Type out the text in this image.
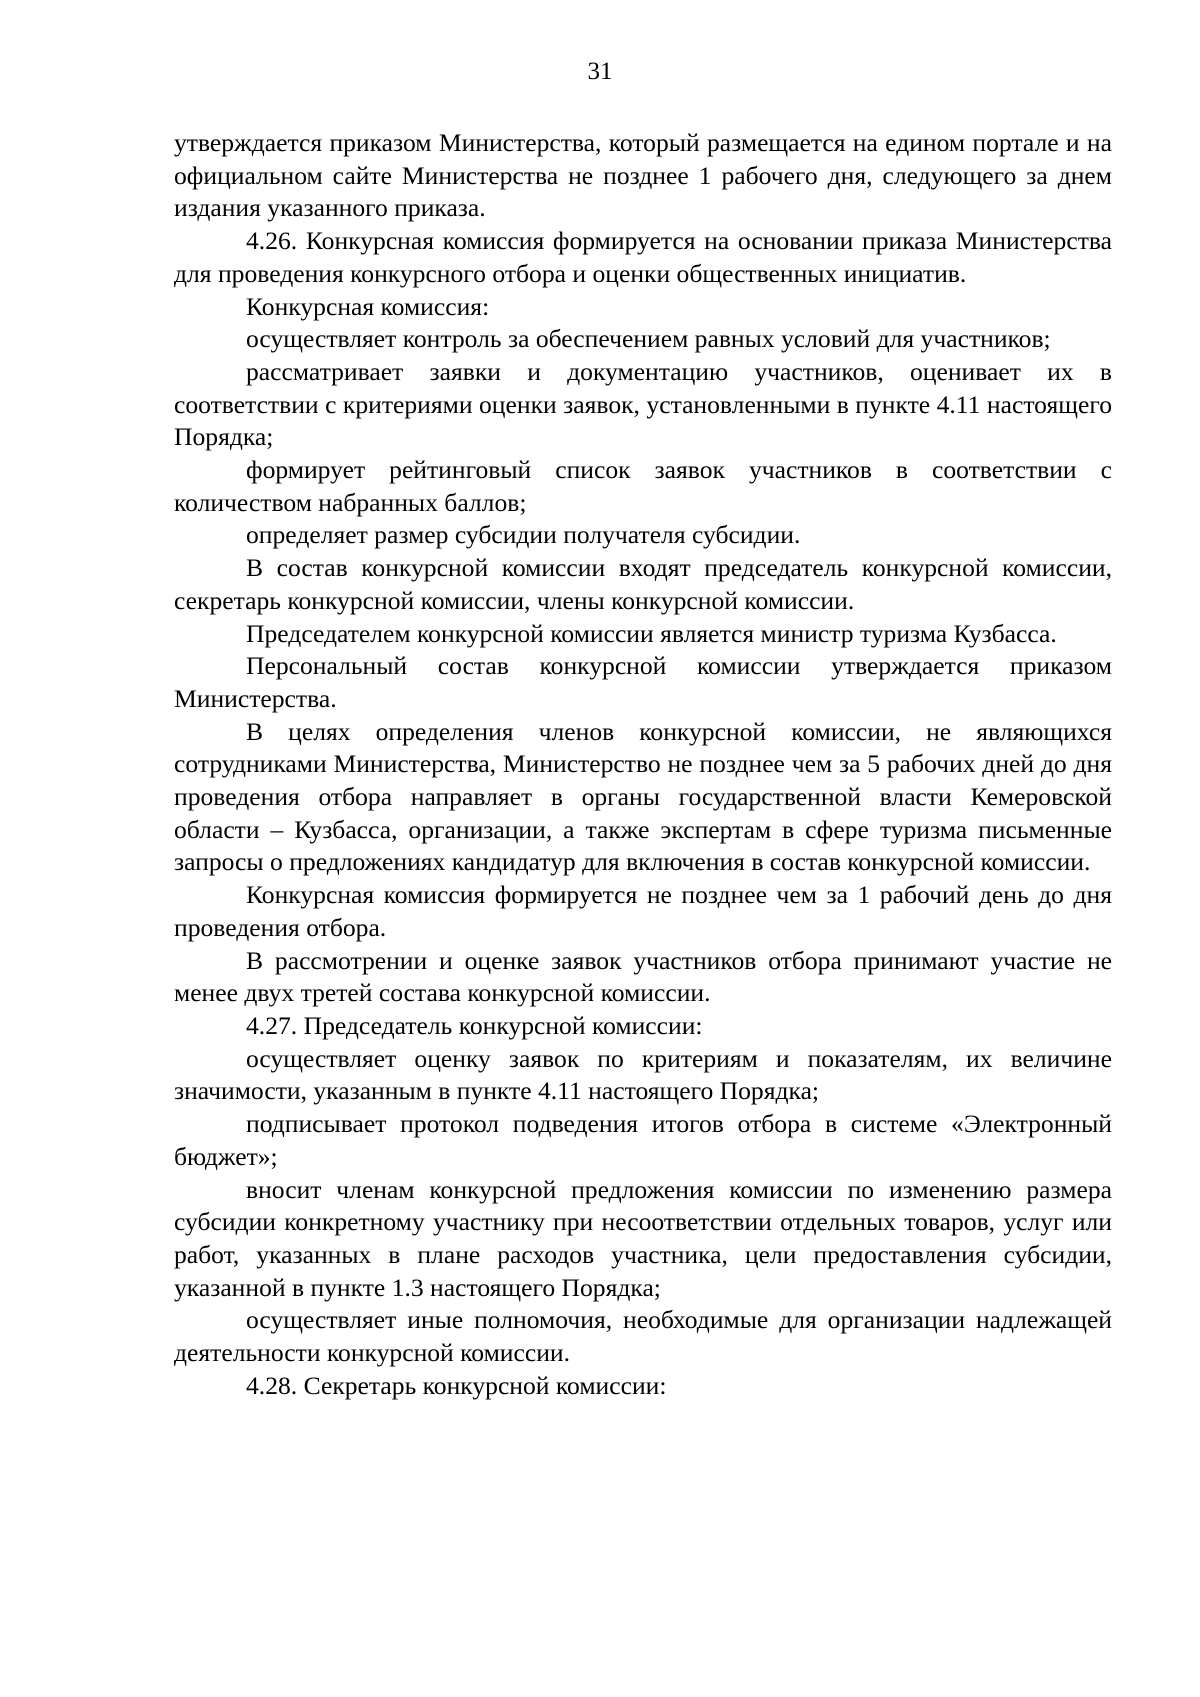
31

утверждается приказом Министерства, который размещается на едином портале и на официальном сайте Министерства не позднее 1 рабочего дня, следующего за днем издания указанного приказа.

4.26. Конкурсная комиссия формируется на основании приказа Министерства для проведения конкурсного отбора и оценки общественных инициатив.

Конкурсная комиссия:

осуществляет контроль за обеспечением равных условий для участников;

рассматривает заявки и документацию участников, оценивает их в соответствии с критериями оценки заявок, установленными в пункте 4.11 настоящего Порядка;

формирует рейтинговый список заявок участников в соответствии с количеством набранных баллов;

определяет размер субсидии получателя субсидии.

В состав конкурсной комиссии входят председатель конкурсной комиссии, секретарь конкурсной комиссии, члены конкурсной комиссии.

Председателем конкурсной комиссии является министр туризма Кузбасса.

Персональный состав конкурсной комиссии утверждается приказом Министерства.

В целях определения членов конкурсной комиссии, не являющихся сотрудниками Министерства, Министерство не позднее чем за 5 рабочих дней до дня проведения отбора направляет в органы государственной власти Кемеровской области – Кузбасса, организации, а также экспертам в сфере туризма письменные запросы о предложениях кандидатур для включения в состав конкурсной комиссии.

Конкурсная комиссия формируется не позднее чем за 1 рабочий день до дня проведения отбора.

В рассмотрении и оценке заявок участников отбора принимают участие не менее двух третей состава конкурсной комиссии.

4.27. Председатель конкурсной комиссии:

осуществляет оценку заявок по критериям и показателям, их величине значимости, указанным в пункте 4.11 настоящего Порядка;

подписывает протокол подведения итогов отбора в системе «Электронный бюджет»;

вносит членам конкурсной предложения комиссии по изменению размера субсидии конкретному участнику при несоответствии отдельных товаров, услуг или работ, указанных в плане расходов участника, цели предоставления субсидии, указанной в пункте 1.3 настоящего Порядка;

осуществляет иные полномочия, необходимые для организации надлежащей деятельности конкурсной комиссии.

4.28. Секретарь конкурсной комиссии:
